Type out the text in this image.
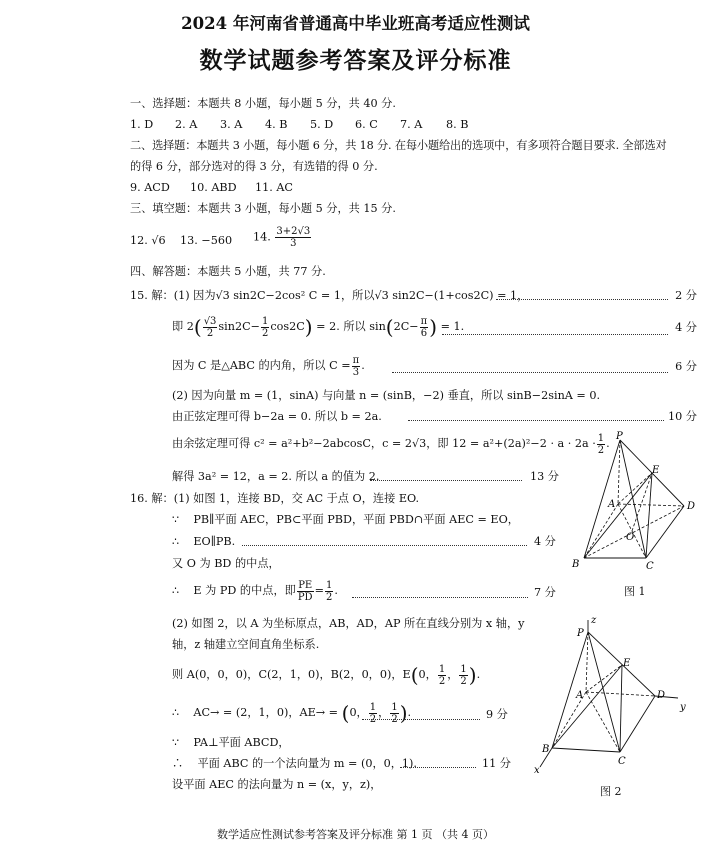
2024 年河南省普通高中毕业班高考适应性测试
数学试题参考答案及评分标准
一、选择题：本题共 8 小题，每小题 5 分，共 40 分.
1. D 2. A 3. A 4. B 5. D 6. C 7. A 8. B
二、选择题：本题共 3 小题，每小题 6 分，共 18 分. 在每小题给出的选项中，有多项符合题目要求. 全部选对
的得 6 分，部分选对的得 3 分，有选错的得 0 分.
9. ACD 10. ABD 11. AC
三、填空题：本题共 3 小题，每小题 5 分，共 15 分.
12. √6 13. −560 14. $\frac{3+2√3}{3}$
四、解答题：本题共 5 小题，共 77 分.
15. 解：(1) 因为√3 sin2C−2cos² C = 1，所以√3 sin2C−(1+cos2C) = 1，	2 分
即 $2( \frac{√3}{2} \sin 2C- \frac{1}{2} \cos 2C) = 2$. 所以 $\sin(2C- \frac{\pi}{6}$ ) = 1.	4 分
因为 C 是△ABC 的内角，所以 $C = \frac{\pi}{3}$ .	6 分
(2) 因为向量 m = (1，sinA) 与向量 n = (sinB，−2) 垂直，所以 sinB−2sinA = 0.
由正弦定理可得 b−2a = 0. 所以 b = 2a.	10 分
由余弦定理可得 c² = a²+b²−2abcosC，c = 2√3，即 $12 = a^2+(2a)^2-2 \cdot a \cdot 2a \cdot \frac{1}{2}$ .
解得 3a² = 12，a = 2. 所以 a 的值为 2.	13 分
16. 解：(1) 如图 1，连接 BD，交 AC 于点 O，连接 EO.
∵ PB∥平面 AEC，PB⊂平面 PBD，平面 PBD∩平面 AEC = EO，
∴ EO∥PB.	4 分
又 O 为 BD 的中点，
∴ E 为 PD 的中点，即 $\frac{PE}{PD} = \frac{1}{2}$ .	7 分
(2) 如图 2，以 A 为坐标原点，AB，AD，AP 所在直线分别为 x 轴，y
轴，z 轴建立空间直角坐标系.
则 A(0，0，0)，C(2，1，0)，B(2，0，0)，E(0， $\frac{1}{2}$ ， $\frac{1}{2}$ ).
∴ AC→ = (2，1，0)，AE→ = (0， $\frac{1}{2}$ ， $\frac{1}{2}$ ).	9 分
∵ PA⊥平面 ABCD，
∴ 平面 ABC 的一个法向量为 m = (0，0，1).	11 分
设平面 AEC 的法向量为 n = (x，y，z)，
P
A
B	C
D
E
O
图 1
z
P
A
B
C
D
E
y
x
图 2
数学适应性测试参考答案及评分标准 第 1 页 （共 4 页）
